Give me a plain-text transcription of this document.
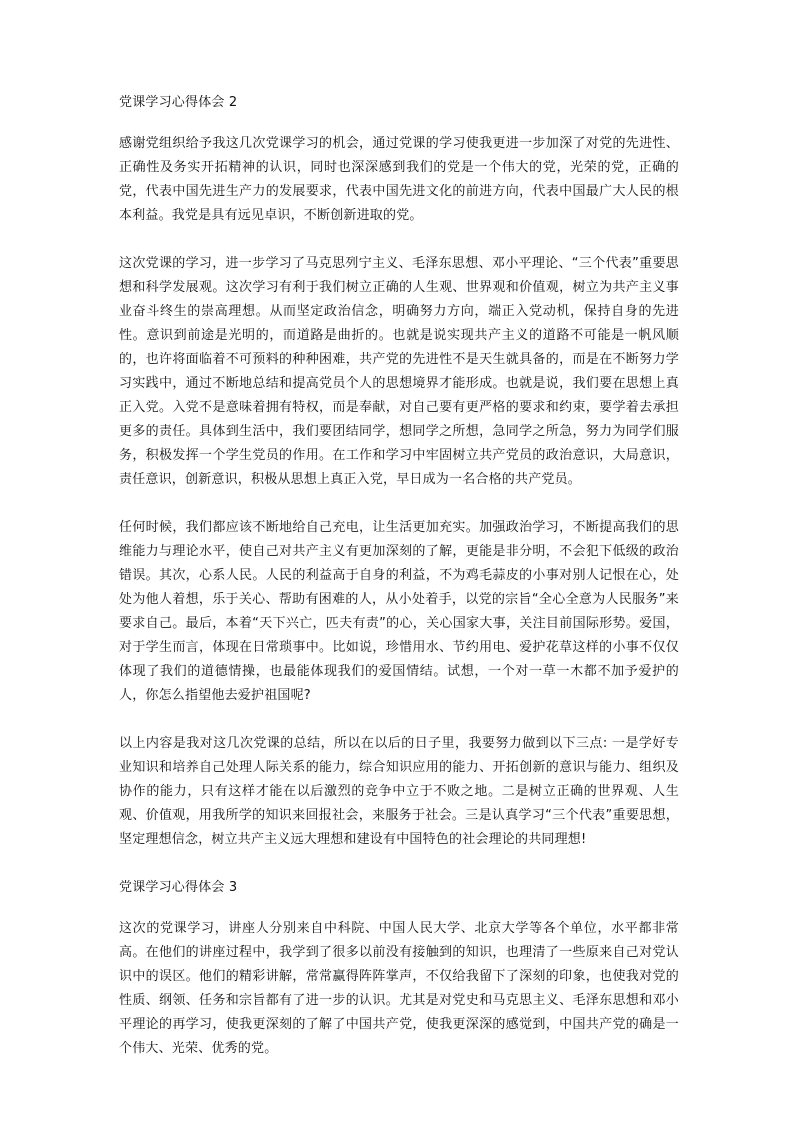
党课学习心得体会 2

感谢党组织给予我这几次党课学习的机会，通过党课的学习使我更进一步加深了对党的先进性、正确性及务实开拓精神的认识，同时也深深感到我们的党是一个伟大的党，光荣的党，正确的党，代表中国先进生产力的发展要求，代表中国先进文化的前进方向，代表中国最广大人民的根本利益。我党是具有远见卓识，不断创新进取的党。

这次党课的学习，进一步学习了马克思列宁主义、毛泽东思想、邓小平理论、“三个代表”重要思想和科学发展观。这次学习有利于我们树立正确的人生观、世界观和价值观，树立为共产主义事业奋斗终生的崇高理想。从而坚定政治信念，明确努力方向，端正入党动机，保持自身的先进性。意识到前途是光明的，而道路是曲折的。也就是说实现共产主义的道路不可能是一帆风顺的，也许将面临着不可预料的种种困难，共产党的先进性不是天生就具备的，而是在不断努力学习实践中，通过不断地总结和提高党员个人的思想境界才能形成。也就是说，我们要在思想上真正入党。入党不是意味着拥有特权，而是奉献，对自己要有更严格的要求和约束，要学着去承担更多的责任。具体到生活中，我们要团结同学，想同学之所想，急同学之所急，努力为同学们服务，积极发挥一个学生党员的作用。在工作和学习中牢固树立共产党员的政治意识，大局意识，责任意识，创新意识，积极从思想上真正入党，早日成为一名合格的共产党员。

任何时候，我们都应该不断地给自己充电，让生活更加充实。加强政治学习，不断提高我们的思维能力与理论水平，使自己对共产主义有更加深刻的了解，更能是非分明，不会犯下低级的政治错误。其次，心系人民。人民的利益高于自身的利益，不为鸡毛蒜皮的小事对别人记恨在心，处处为他人着想，乐于关心、帮助有困难的人，从小处着手，以党的宗旨“全心全意为人民服务”来要求自己。最后，本着“天下兴亡，匹夫有责”的心，关心国家大事，关注目前国际形势。爱国，对于学生而言，体现在日常琐事中。比如说，珍惜用水、节约用电、爱护花草这样的小事不仅仅体现了我们的道德情操，也最能体现我们的爱国情结。试想，一个对一草一木都不加予爱护的人，你怎么指望他去爱护祖国呢?

以上内容是我对这几次党课的总结，所以在以后的日子里，我要努力做到以下三点: 一是学好专业知识和培养自己处理人际关系的能力，综合知识应用的能力、开拓创新的意识与能力、组织及协作的能力，只有这样才能在以后激烈的竞争中立于不败之地。二是树立正确的世界观、人生观、价值观，用我所学的知识来回报社会，来服务于社会。三是认真学习“三个代表”重要思想，坚定理想信念，树立共产主义远大理想和建设有中国特色的社会理论的共同理想!

党课学习心得体会 3

这次的党课学习，讲座人分别来自中科院、中国人民大学、北京大学等各个单位，水平都非常高。在他们的讲座过程中，我学到了很多以前没有接触到的知识，也理清了一些原来自己对党认识中的误区。他们的精彩讲解，常常赢得阵阵掌声，不仅给我留下了深刻的印象，也使我对党的性质、纲领、任务和宗旨都有了进一步的认识。尤其是对党史和马克思主义、毛泽东思想和邓小平理论的再学习，使我更深刻的了解了中国共产党，使我更深深的感觉到，中国共产党的确是一个伟大、光荣、优秀的党。
